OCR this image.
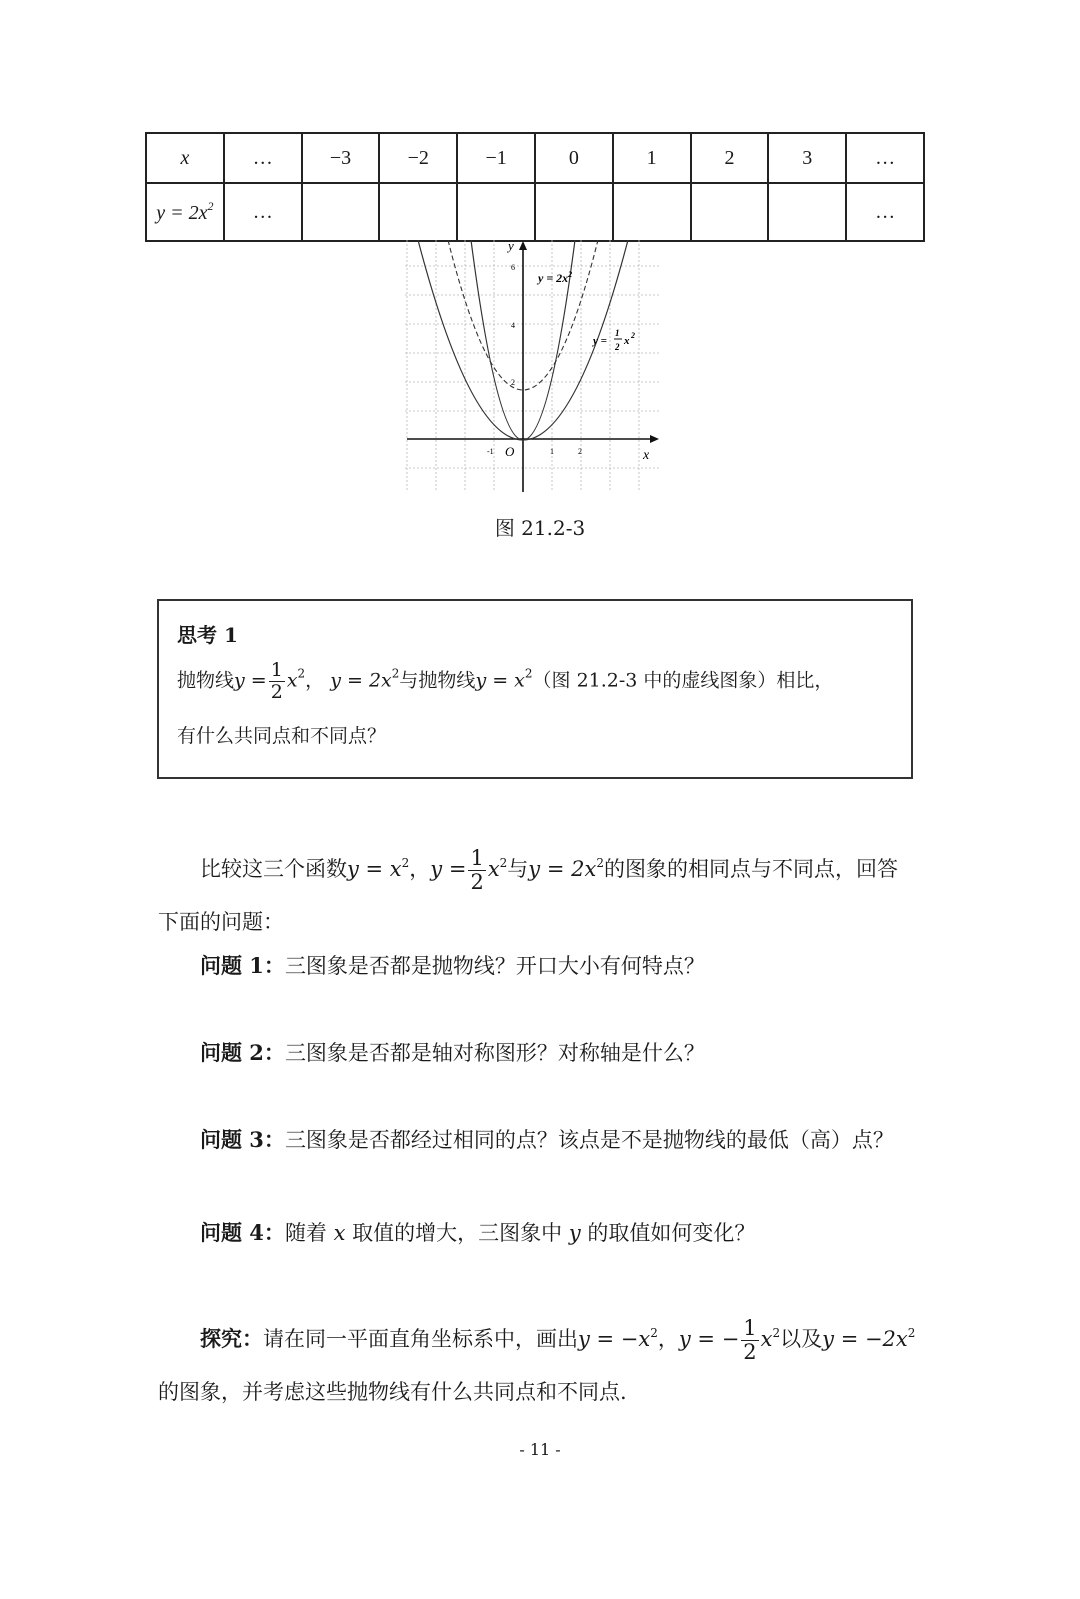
x	…	−3	−2	−1	0	1	2	3	…
$y = 2x^2$	…								…
y
x
O
6
4
2
-1	1	2
$y = 2x^2$
y =
1
2 x 2
图 21.2-3
思考 1
抛物线$y = \frac{1}{2} x^2$， $y = 2x^2$与抛物线$y = x^2$（图 21.2-3 中的虚线图象）相比，
有什么共同点和不同点？
比较这三个函数$y = x^2$，$y = \frac{1}{2} x^2$与$y = 2x^2$的图象的相同点与不同点，回答
下面的问题：
问题 1：三图象是否都是抛物线？开口大小有何特点？
问题 2：三图象是否都是轴对称图形？对称轴是什么？
问题 3：三图象是否都经过相同的点？该点是不是抛物线的最低（高）点？
问题 4：随着 x 取值的增大，三图象中 y 的取值如何变化？
探究：请在同一平面直角坐标系中，画出$y = -x^2$，y = − $\frac{1}{2} x^2$以及$y = -2x^2$
的图象，并考虑这些抛物线有什么共同点和不同点.
- 11 -
